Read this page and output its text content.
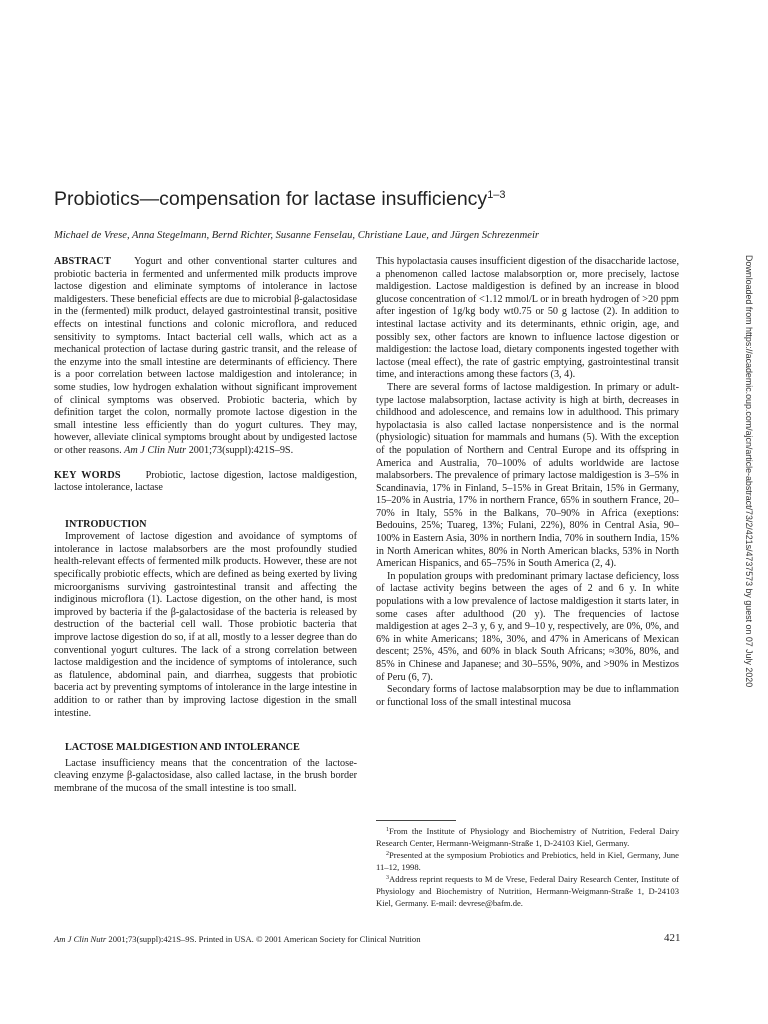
Probiotics—compensation for lactase insufficiency$^{1-3}$
Michael de Vrese, Anna Stegelmann, Bernd Richter, Susanne Fenselau, Christiane Laue, and Jürgen Schrezenmeir

ABSTRACT Yogurt and other conventional starter cultures and probiotic bacteria in fermented and unfermented milk products improve lactose digestion and eliminate symptoms of intolerance in lactose maldigesters. These beneficial effects are due to microbial β-galactosidase in the (fermented) milk product, delayed gastrointestinal transit, positive effects on intestinal functions and colonic microflora, and reduced sensitivity to symptoms. Intact bacterial cell walls, which act as a mechanical protection of lactase during gastric transit, and the release of the enzyme into the small intestine are determinants of efficiency. There is a poor correlation between lactose maldigestion and intolerance; in some studies, low hydrogen exhalation without significant improvement of clinical symptoms was observed. Probiotic bacteria, which by definition target the colon, normally promote lactose digestion in the small intestine less efficiently than do yogurt cultures. They may, however, alleviate clinical symptoms brought about by undigested lactose or other reasons. Am J Clin Nutr 2001;73(suppl):421S–9S.

KEY WORDS Probiotic, lactose digestion, lactose maldigestion, lactose intolerance, lactase

INTRODUCTION

Improvement of lactose digestion and avoidance of symptoms of intolerance in lactose malabsorbers are the most profoundly studied health-relevant effects of fermented milk products. However, these are not specifically probiotic effects, which are defined as being exerted by living microorganisms surviving gastrointestinal transit and affecting the indiginous microflora (1). Lactose digestion, on the other hand, is most improved by bacteria if the β-galactosidase of the bacteria is released by destruction of the bacterial cell wall. Those probiotic bacteria that improve lactose digestion do so, if at all, mostly to a lesser degree than do conventional yogurt cultures. The lack of a strong correlation between lactose maldigestion and the incidence of symptoms of intolerance, such as flatulence, abdominal pain, and diarrhea, suggests that probiotic baceria act by preventing symptoms of intolerance in the large intestine in addition to or rather than by improving lactose digestion in the small intestine.

LACTOSE MALDIGESTION AND INTOLERANCE

Lactase insufficiency means that the concentration of the lactose-cleaving enzyme β-galactosidase, also called lactase, in the brush border membrane of the mucosa of the small intestine is too small.

This hypolactasia causes insufficient digestion of the disaccharide lactose, a phenomenon called lactose malabsorption or, more precisely, lactose maldigestion. Lactose maldigestion is defined by an increase in blood glucose concentration of <1.12 mmol/L or in breath hydrogen of >20 ppm after ingestion of 1g/kg body wt0.75 or 50 g lactose (2). In addition to intestinal lactase activity and its determinants, ethnic origin, age, and possibly sex, other factors are known to influence lactose digestion or maldigestion: the lactose load, dietary components ingested together with lactose (meal effect), the rate of gastric emptying, gastrointestinal transit time, and interactions among these factors (3, 4).

There are several forms of lactose maldigestion. In primary or adult-type lactose malabsorption, lactase activity is high at birth, decreases in childhood and adolescence, and remains low in adulthood. This primary hypolactasia is also called lactase nonpersistence and is the normal (physiologic) situation for mammals and humans (5). With the exception of the population of Northern and Central Europe and its offspring in America and Australia, 70–100% of adults worldwide are lactose malabsorbers. The prevalence of primary lactose maldigestion is 3–5% in Scandinavia, 17% in Finland, 5–15% in Great Britain, 15% in Germany, 15–20% in Austria, 17% in northern France, 65% in southern France, 20–70% in Italy, 55% in the Balkans, 70–90% in Africa (exeptions: Bedouins, 25%; Tuareg, 13%; Fulani, 22%), 80% in Central Asia, 90–100% in Eastern Asia, 30% in northern India, 70% in southern India, 15% in North American whites, 80% in North American blacks, 53% in North American Hispanics, and 65–75% in South America (2, 4).

In population groups with predominant primary lactase deficiency, loss of lactase activity begins between the ages of 2 and 6 y. In white populations with a low prevalence of lactose maldigestion it starts later, in some cases after adulthood (20 y). The frequencies of lactose maldigestion at ages 2–3 y, 6 y, and 9–10 y, respectively, are 0%, 0%, and 6% in white Americans; 18%, 30%, and 47% in Americans of Mexican descent; 25%, 45%, and 60% in black South Africans; ≈30%, 80%, and 85% in Chinese and Japanese; and 30–55%, 90%, and >90% in Mestizos of Peru (6, 7).

Secondary forms of lactose malabsorption may be due to inflammation or functional loss of the small intestinal mucosa

$^1$From the Institute of Physiology and Biochemistry of Nutrition, Federal Dairy Research Center, Hermann-Weigmann-Straße 1, D-24103 Kiel, Germany.

$^2$Presented at the symposium Probiotics and Prebiotics, held in Kiel, Germany, June 11–12, 1998.

$^3$Address reprint requests to M de Vrese, Federal Dairy Research Center, Institute of Physiology and Biochemistry of Nutrition, Hermann-Weigmann-Straße 1, D-24103 Kiel, Germany. E-mail: devrese@bafm.de.

Am J Clin Nutr 2001;73(suppl):421S–9S. Printed in USA. © 2001 American Society for Clinical Nutrition	421
Downloaded from https://academic.oup.com/ajcn/article-abstract/73/2/421s/4737573 by guest on 07 July 2020
